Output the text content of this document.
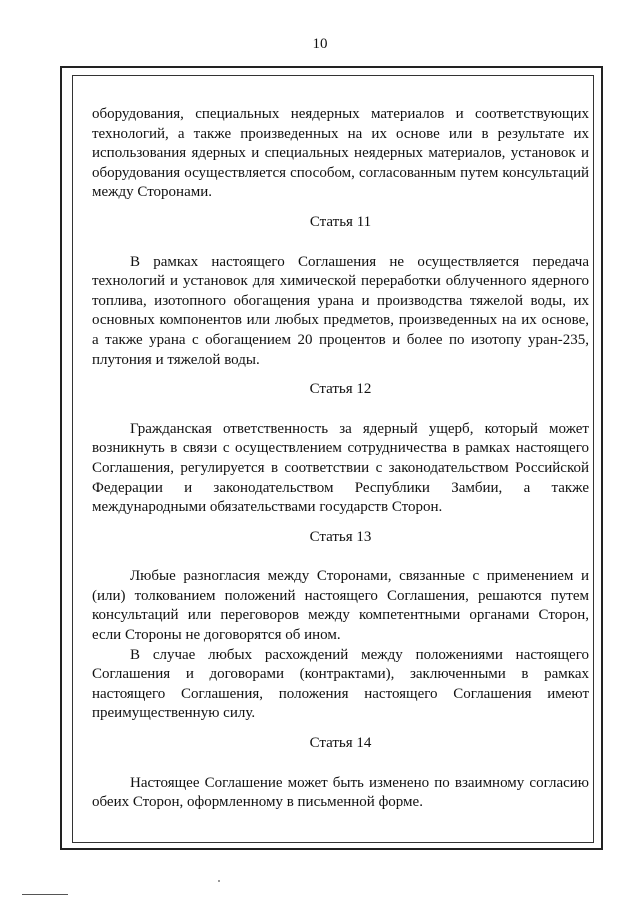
10

оборудования, специальных неядерных материалов и соответствующих технологий, а также произведенных на их основе или в результате их использования ядерных и специальных неядерных материалов, установок и оборудования осуществляется способом, согласованным путем консультаций между Сторонами.

Статья 11

В рамках настоящего Соглашения не осуществляется передача технологий и установок для химической переработки облученного ядерного топлива, изотопного обогащения урана и производства тяжелой воды, их основных компонентов или любых предметов, произведенных на их основе, а также урана с обогащением 20 процентов и более по изотопу уран-235, плутония и тяжелой воды.

Статья 12

Гражданская ответственность за ядерный ущерб, который может возникнуть в связи с осуществлением сотрудничества в рамках настоящего Соглашения, регулируется в соответствии с законодательством Российской Федерации и законодательством Республики Замбии, а также международными обязательствами государств Сторон.

Статья 13

Любые разногласия между Сторонами, связанные с применением и (или) толкованием положений настоящего Соглашения, решаются путем консультаций или переговоров между компетентными органами Сторон, если Стороны не договорятся об ином.

В случае любых расхождений между положениями настоящего Соглашения и договорами (контрактами), заключенными в рамках настоящего Соглашения, положения настоящего Соглашения имеют преимущественную силу.

Статья 14

Настоящее Соглашение может быть изменено по взаимному согласию обеих Сторон, оформленному в письменной форме.
